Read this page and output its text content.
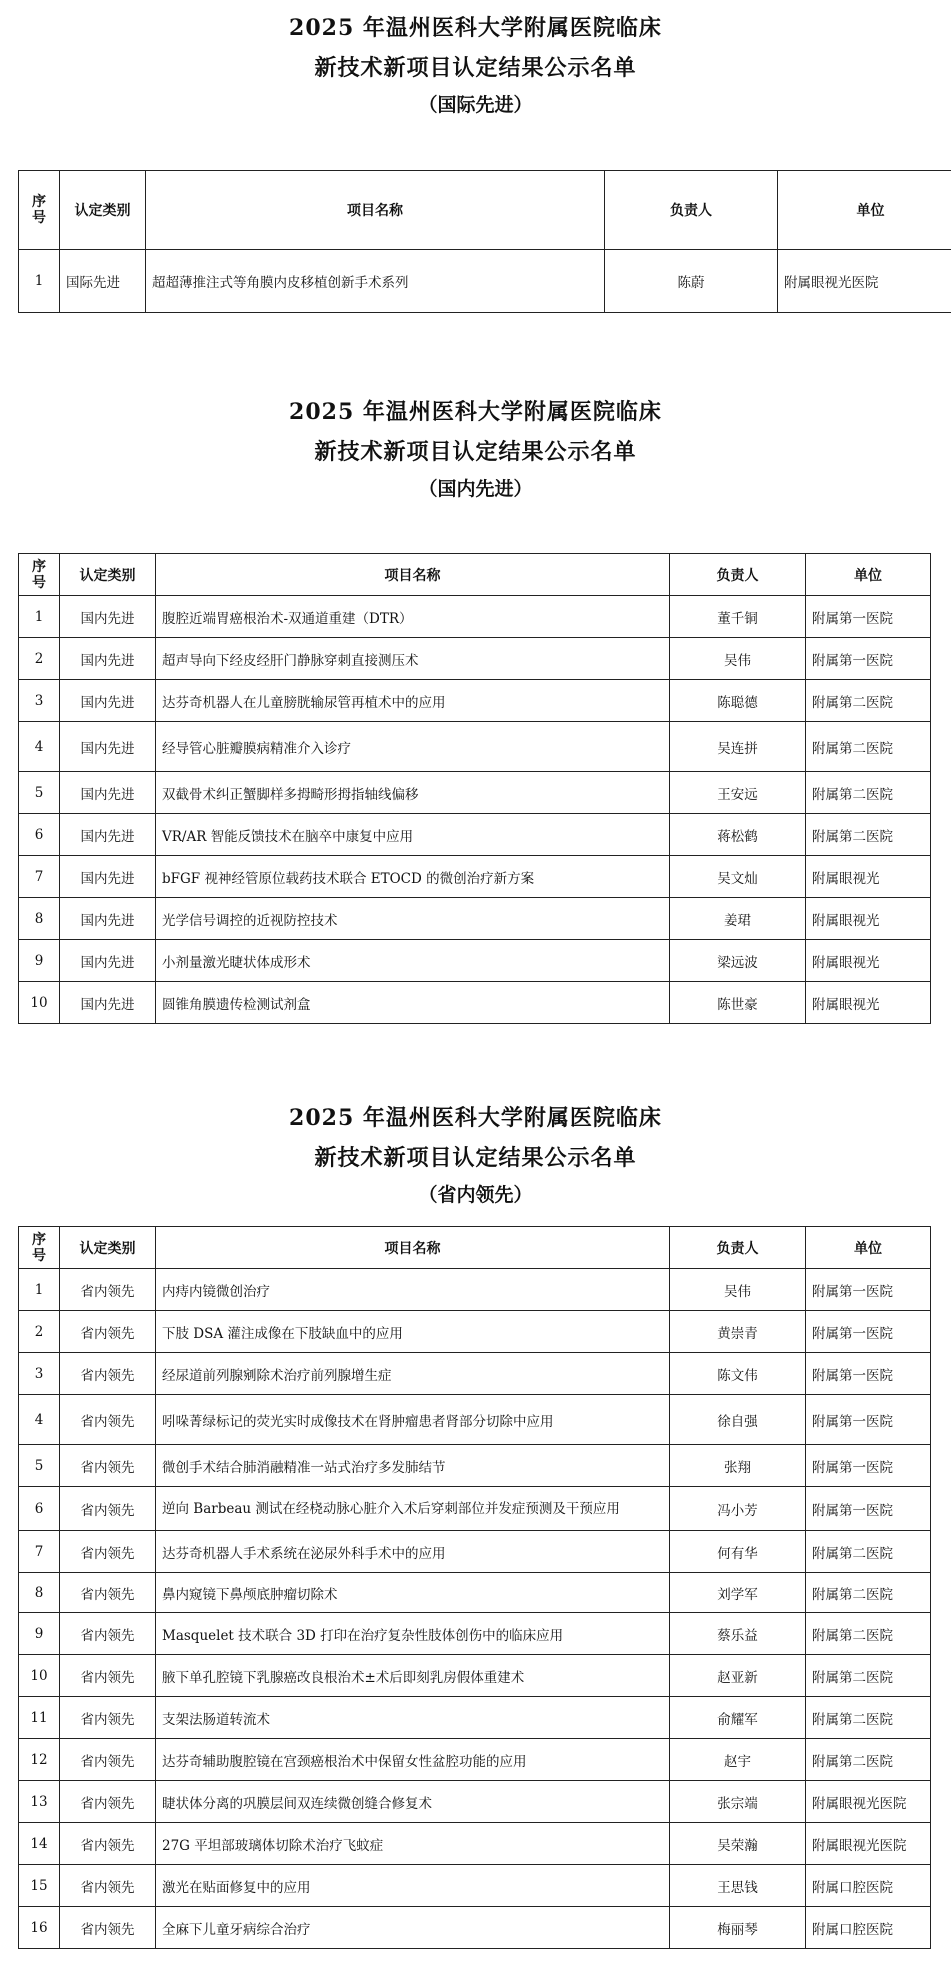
2025 年温州医科大学附属医院临床
新技术新项目认定结果公示名单
（国际先进）
序号	认定类别	项目名称	负责人	单位
1	国际先进	超超薄推注式等角膜内皮移植创新手术系列	陈蔚	附属眼视光医院
2025 年温州医科大学附属医院临床
新技术新项目认定结果公示名单
（国内先进）
序号	认定类别	项目名称	负责人	单位
1	国内先进	腹腔近端胃癌根治术-双通道重建（DTR）	董千铜	附属第一医院
2	国内先进	超声导向下经皮经肝门静脉穿刺直接测压术	吴伟	附属第一医院
3	国内先进	达芬奇机器人在儿童膀胱输尿管再植术中的应用	陈聪德	附属第二医院
4	国内先进	经导管心脏瓣膜病精准介入诊疗	吴连拼	附属第二医院
5	国内先进	双截骨术纠正蟹脚样多拇畸形拇指轴线偏移	王安远	附属第二医院
6	国内先进	VR/AR 智能反馈技术在脑卒中康复中应用	蒋松鹤	附属第二医院
7	国内先进	bFGF 视神经管原位载药技术联合 ETOCD 的微创治疗新方案	吴文灿	附属眼视光
8	国内先进	光学信号调控的近视防控技术	姜珺	附属眼视光
9	国内先进	小剂量激光睫状体成形术	梁远波	附属眼视光
10	国内先进	圆锥角膜遗传检测试剂盒	陈世豪	附属眼视光
2025 年温州医科大学附属医院临床
新技术新项目认定结果公示名单
（省内领先）
序号	认定类别	项目名称	负责人	单位
1	省内领先	内痔内镜微创治疗	吴伟	附属第一医院
2	省内领先	下肢 DSA 灌注成像在下肢缺血中的应用	黄崇青	附属第一医院
3	省内领先	经尿道前列腺剜除术治疗前列腺增生症	陈文伟	附属第一医院
4	省内领先	吲哚菁绿标记的荧光实时成像技术在肾肿瘤患者肾部分切除中应用	徐自强	附属第一医院
5	省内领先	微创手术结合肺消融精准一站式治疗多发肺结节	张翔	附属第一医院
6	省内领先	逆向 Barbeau 测试在经桡动脉心脏介入术后穿刺部位并发症预测及干预应用	冯小芳	附属第一医院
7	省内领先	达芬奇机器人手术系统在泌尿外科手术中的应用	何有华	附属第二医院
8	省内领先	鼻内窥镜下鼻颅底肿瘤切除术	刘学军	附属第二医院
9	省内领先	Masquelet 技术联合 3D 打印在治疗复杂性肢体创伤中的临床应用	蔡乐益	附属第二医院
10	省内领先	腋下单孔腔镜下乳腺癌改良根治术±术后即刻乳房假体重建术	赵亚新	附属第二医院
11	省内领先	支架法肠道转流术	俞耀军	附属第二医院
12	省内领先	达芬奇辅助腹腔镜在宫颈癌根治术中保留女性盆腔功能的应用	赵宇	附属第二医院
13	省内领先	睫状体分离的巩膜层间双连续微创缝合修复术	张宗端	附属眼视光医院
14	省内领先	27G 平坦部玻璃体切除术治疗飞蚊症	吴荣瀚	附属眼视光医院
15	省内领先	激光在贴面修复中的应用	王思钱	附属口腔医院
16	省内领先	全麻下儿童牙病综合治疗	梅丽琴	附属口腔医院
